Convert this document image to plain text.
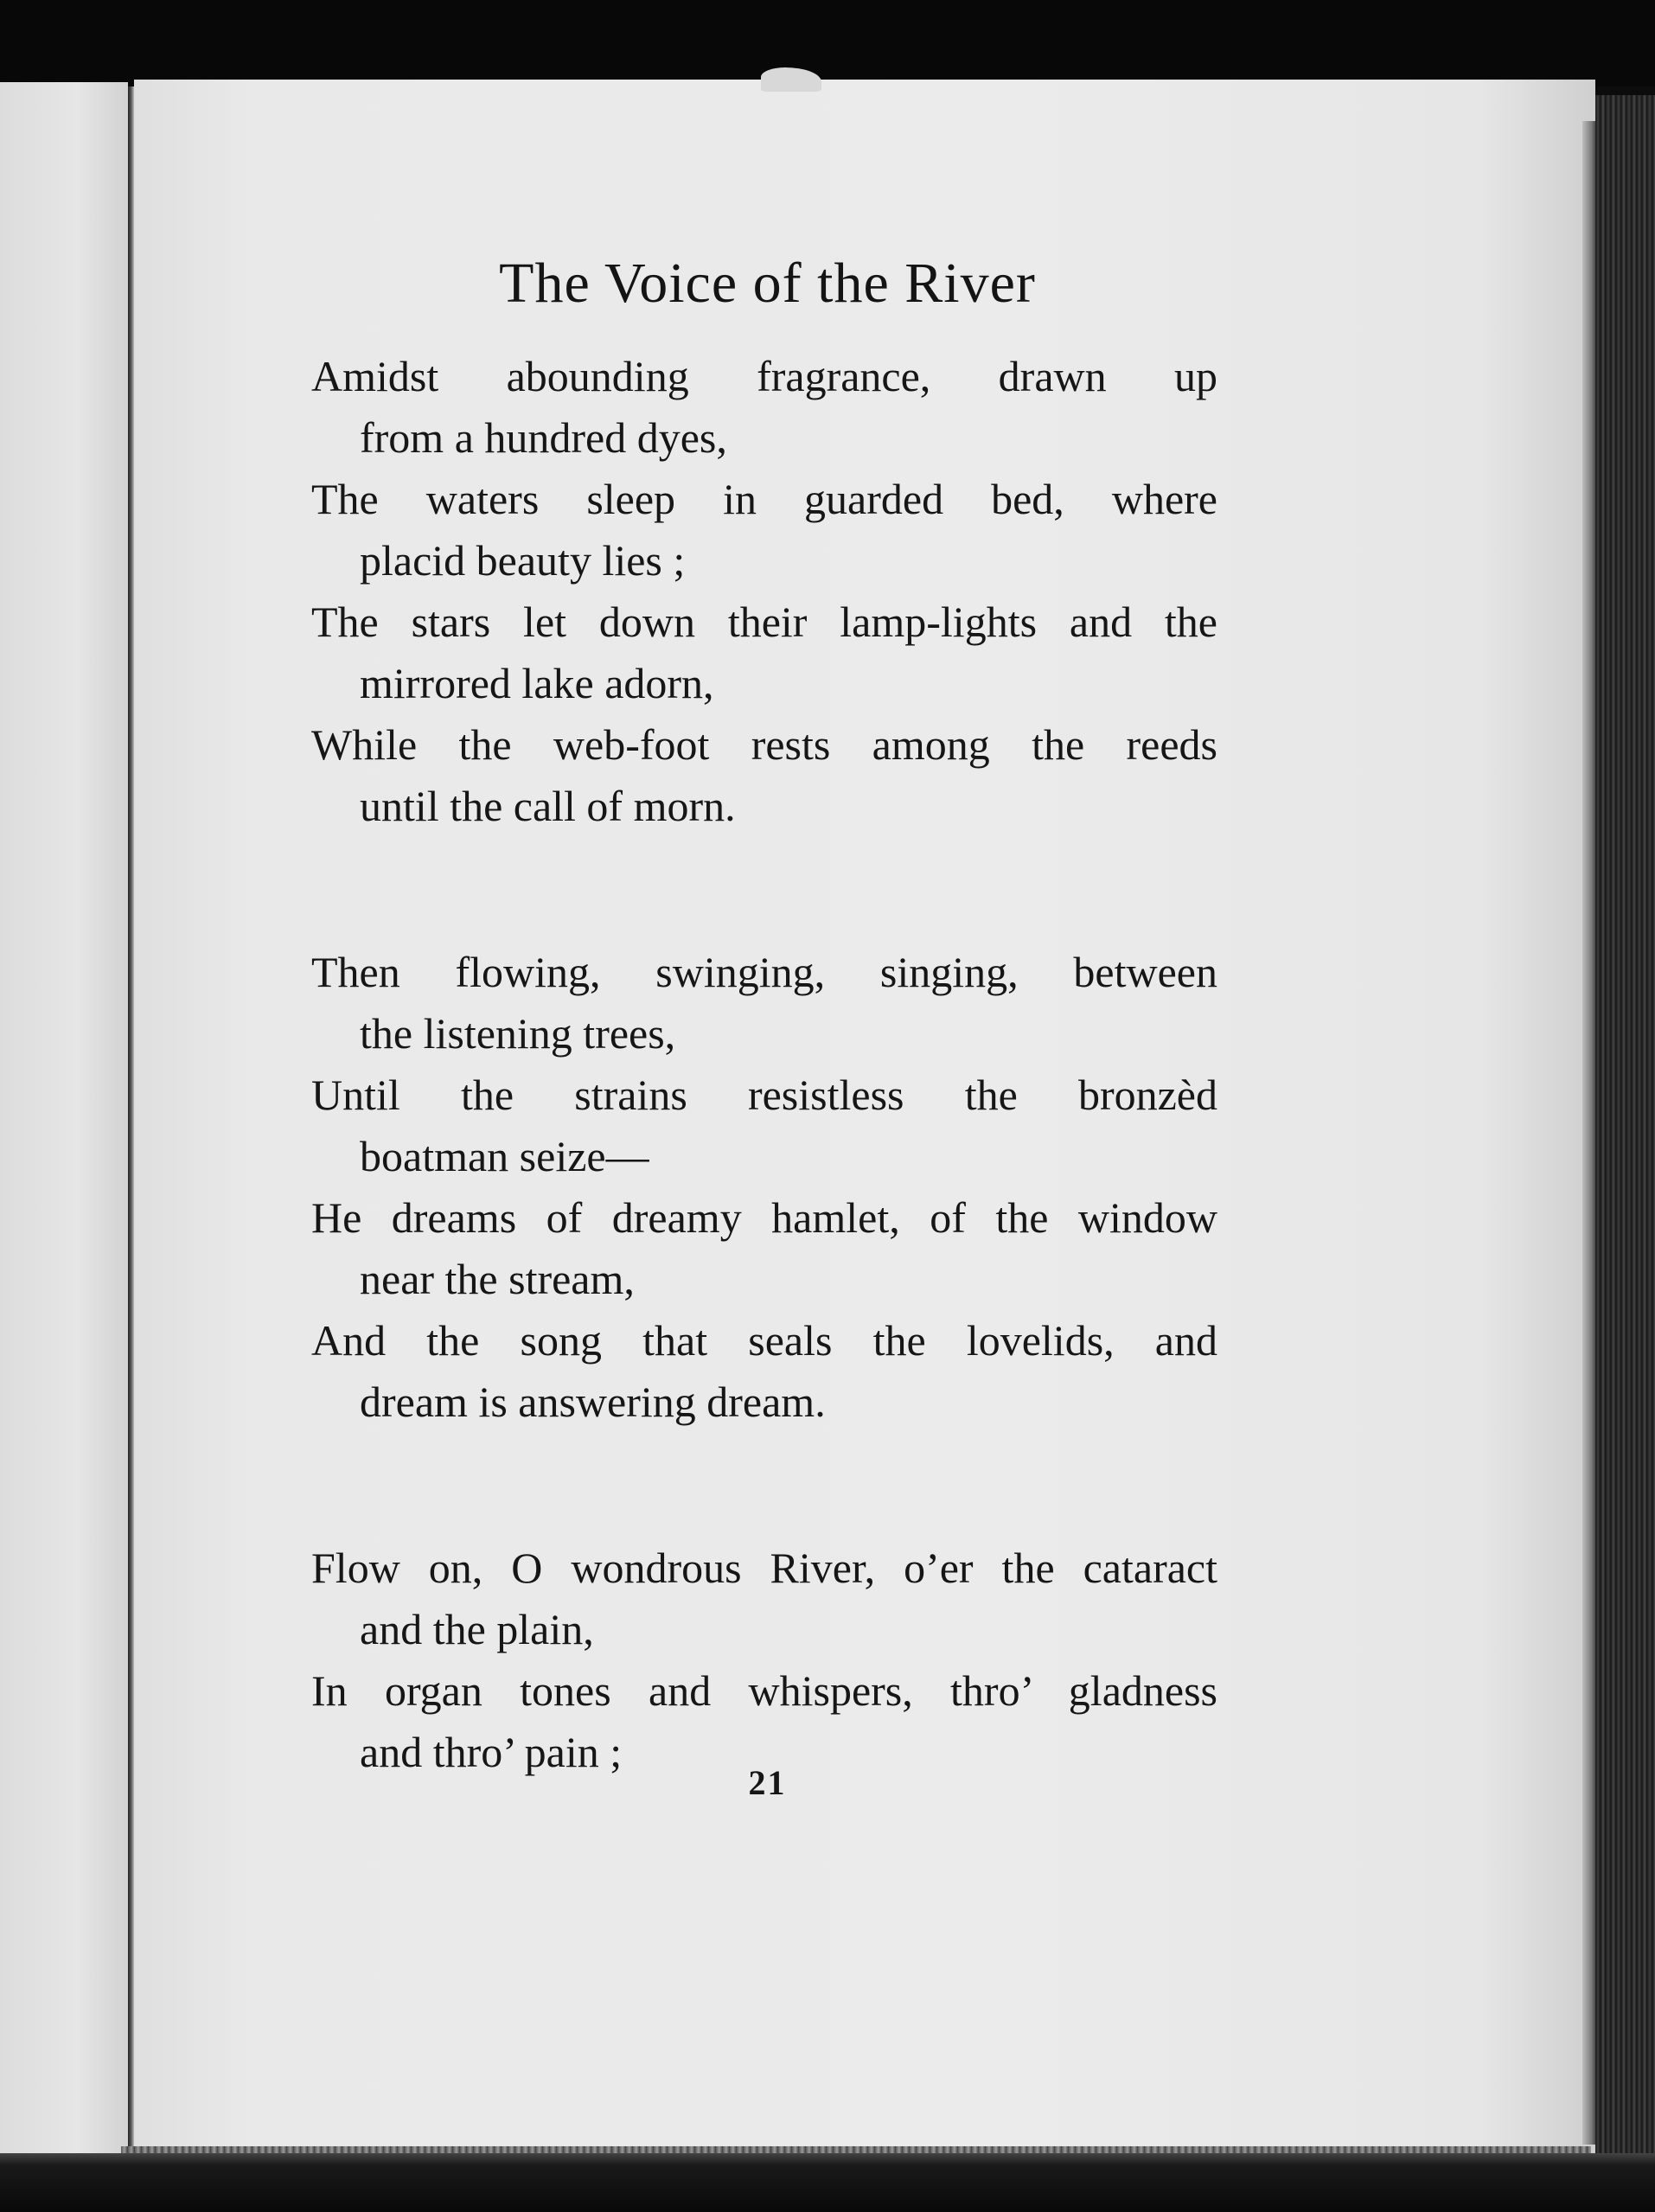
The Voice of the River

Amidst abounding fragrance, drawn up
from a hundred dyes,
The waters sleep in guarded bed, where
placid beauty lies ;
The stars let down their lamp-lights and the
mirrored lake adorn,
While the web-foot rests among the reeds
until the call of morn.

Then flowing, swinging, singing, between
the listening trees,
Until the strains resistless the bronzèd
boatman seize—
He dreams of dreamy hamlet, of the window
near the stream,
And the song that seals the lovelids, and
dream is answering dream.

Flow on, O wondrous River, o’er the cataract
and the plain,
In organ tones and whispers, thro’ gladness
and thro’ pain ;

21
